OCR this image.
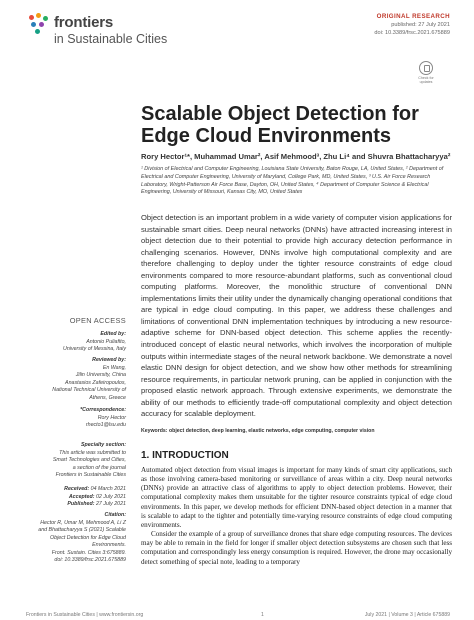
frontiers
in Sustainable Cities
ORIGINAL RESEARCH
published: 27 July 2021
doi: 10.3389/frsc.2021.675889
Check for updates
Scalable Object Detection for Edge Cloud Environments
Rory Hector¹*, Muhammad Umar², Asif Mehmood³, Zhu Li⁴ and Shuvra Bhattacharyya²
¹ Division of Electrical and Computer Engineering, Louisiana State University, Baton Rouge, LA, United States, ² Department of Electrical and Computer Engineering, University of Maryland, College Park, MD, United States, ³ U.S. Air Force Research Laboratory, Wright-Patterson Air Force Base, Dayton, OH, United States, ⁴ Department of Computer Science & Electrical Engineering, University of Missouri, Kansas City, MO, United States
Object detection is an important problem in a wide variety of computer vision applications for sustainable smart cities. Deep neural networks (DNNs) have attracted increasing interest in object detection due to their potential to provide high accuracy detection performance in challenging scenarios. However, DNNs involve high computational complexity and are therefore challenging to deploy under the tighter resource constraints of edge cloud environments compared to more resource-abundant platforms, such as conventional cloud computing platforms. Moreover, the monolithic structure of conventional DNN implementations limits their utility under the dynamically changing operational conditions that are typical in edge cloud computing. In this paper, we address these challenges and limitations of conventional DNN implementation techniques by introducing a new resource-adaptive scheme for DNN-based object detection. This scheme applies the recently-introduced concept of elastic neural networks, which involves the incorporation of multiple outputs within intermediate stages of the neural network backbone. We demonstrate a novel elastic DNN design for object detection, and we show how other methods for streamlining resource requirements, in particular network pruning, can be applied in conjunction with the proposed elastic network approach. Through extensive experiments, we demonstrate the ability of our methods to efficiently trade-off computational complexity and object detection accuracy for scalable deployment.
Keywords: object detection, deep learning, elastic networks, edge computing, computer vision
OPEN ACCESS
Edited by:
Antonio Puliafito,
University of Messina, Italy
Reviewed by:
En Wang,
Jilin University, China
Anastasios Zafeiropoulos,
National Technical University of
Athens, Greece
*Correspondence:
Rory Hector
rhecto1@lsu.edu
Specialty section:
This article was submitted to
Smart Technologies and Cities,
a section of the journal
Frontiers in Sustainable Cities
Received: 04 March 2021
Accepted: 02 July 2021
Published: 27 July 2021
Citation:
Hector R, Umar M, Mehmood A, Li Z
and Bhattacharyya S (2021) Scalable
Object Detection for Edge Cloud
Environments.
Front. Sustain. Cities 3:675889.
doi: 10.3389/frsc.2021.675889
1. INTRODUCTION

Automated object detection from visual images is important for many kinds of smart city applications, such as those involving camera-based monitoring or surveillance of areas within a city. Deep neural networks (DNNs) provide an attractive class of algorithms to apply to object detection problems. However, their computational complexity makes them unsuitable for the tighter resource constraints typical of edge cloud environments. In this paper, we develop methods for efficient DNN-based object detection in a manner that is scalable to adapt to the tighter and potentially time-varying resource constraints of edge cloud computing environments.

Consider the example of a group of surveillance drones that share edge computing resources. The devices may be able to remain in the field for longer if smaller object detection subsystems are chosen such that less computation and correspondingly less energy consumption is required. However, the drone may occasionally detect something of special note, leading to a temporary

Frontiers in Sustainable Cities | www.frontiersin.org	1	July 2021 | Volume 3 | Article 675889
